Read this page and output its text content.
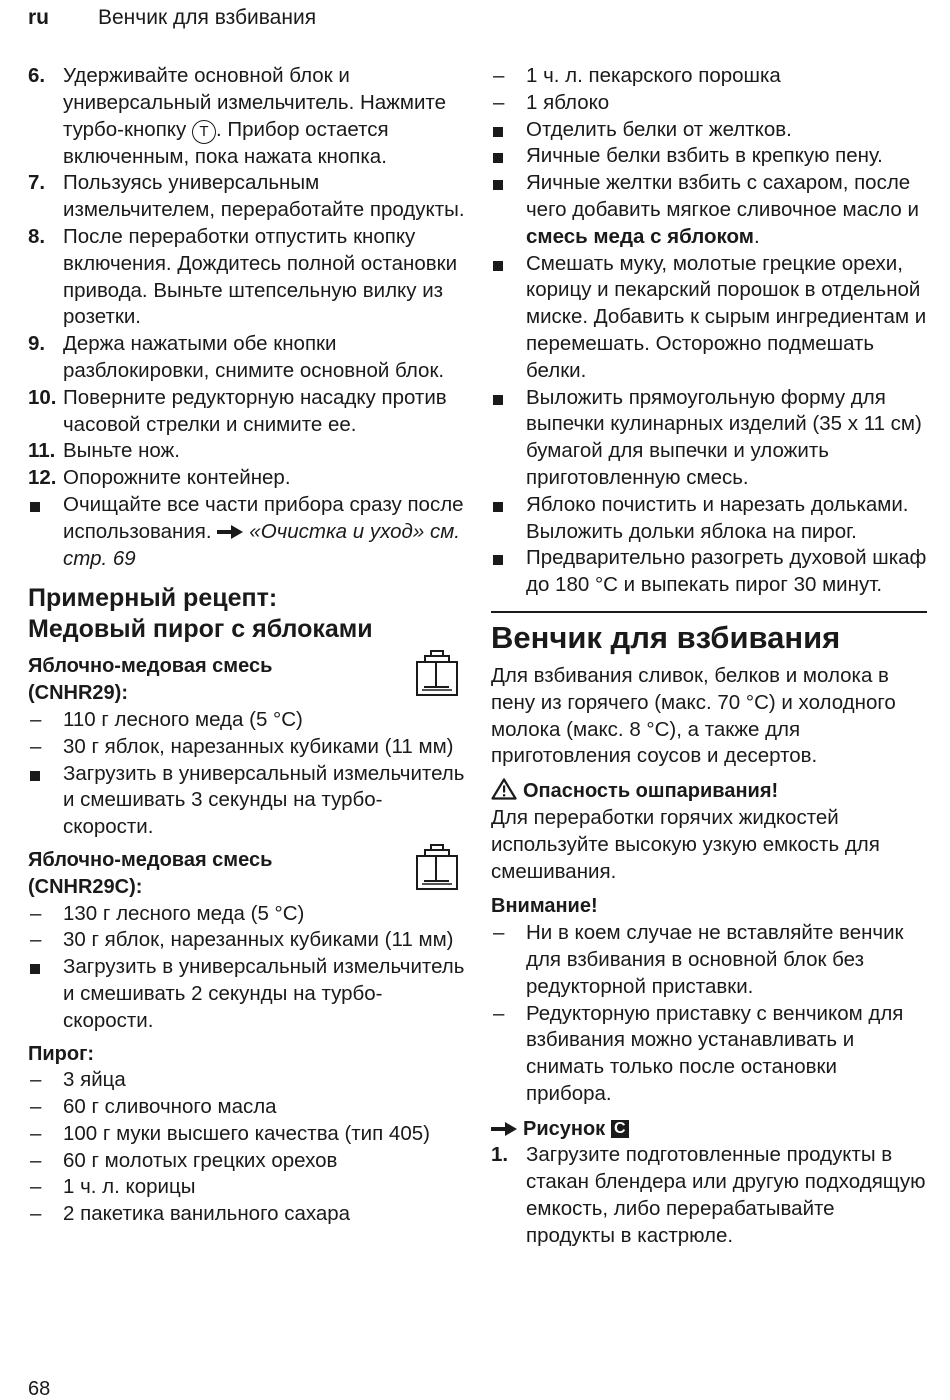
ru Венчик для взбивания
6. Удерживайте основной блок и универсальный измельчитель. Нажмите турбо-кнопку T . Прибор остается включенным, пока нажата кнопка.
7. Пользуясь универсальным измельчителем, переработайте продукты.
8. После переработки отпустить кнопку включения. Дождитесь полной остановки привода. Выньте штепсельную вилку из розетки.
9. Держа нажатыми обе кнопки разблокировки, снимите основной блок.
10. Поверните редукторную насадку против часовой стрелки и снимите ее.
11. Выньте нож.
12. Опорожните контейнер.
Очищайте все части прибора сразу после использования.
«Очистка и уход» см. стр. 69
Примерный рецепт:
Медовый пирог с яблоками
Яблочно-медовая смесь (CNHR29):
– 110 г лесного меда (5 °C)
– 30 г яблок, нарезанных кубиками (11 мм)
Загрузить в универсальный измельчитель и смешивать 3 секунды на турбо-скорости.
Яблочно-медовая смесь (CNHR29C):
– 130 г лесного меда (5 °C)
– 30 г яблок, нарезанных кубиками (11 мм)
Загрузить в универсальный измельчитель и смешивать 2 секунды на турбо-скорости.
Пирог:
– 3 яйца
– 60 г сливочного масла
– 100 г муки высшего качества (тип 405)
– 60 г молотых грецких орехов
– 1 ч. л. корицы
– 2 пакетика ванильного сахара
– 1 ч. л. пекарского порошка
– 1 яблоко
Отделить белки от желтков.
Яичные белки взбить в крепкую пену.
Яичные желтки взбить с сахаром, после чего добавить мягкое сливочное масло и смесь меда с яблоком.
Смешать муку, молотые грецкие орехи, корицу и пекарский порошок в отдельной миске. Добавить к сырым ингредиентам и перемешать. Осторожно подмешать белки.
Выложить прямоугольную форму для выпечки кулинарных изделий (35 x 11 см) бумагой для выпечки и уложить приготовленную смесь.
Яблоко почистить и нарезать дольками. Выложить дольки яблока на пирог.
Предварительно разогреть духовой шкаф до 180 °C и выпекать пирог 30 минут.
Венчик для взбивания

Для взбивания сливок, белков и молока в пену из горячего (макс. 70 °C) и холодного молока (макс. 8 °C), а также для приготовления соусов и десертов.

Опасность ошпаривания!

Для переработки горячих жидкостей используйте высокую узкую емкость для смешивания.

Внимание!
– Ни в коем случае не вставляйте венчик для взбивания в основной блок без редукторной приставки.
– Редукторную приставку с венчиком для взбивания можно устанавливать и снимать только после остановки прибора.
Рисунок C
1. Загрузите подготовленные продукты в стакан блендера или другую подходящую емкость, либо перерабатывайте продукты в кастрюле.
68
